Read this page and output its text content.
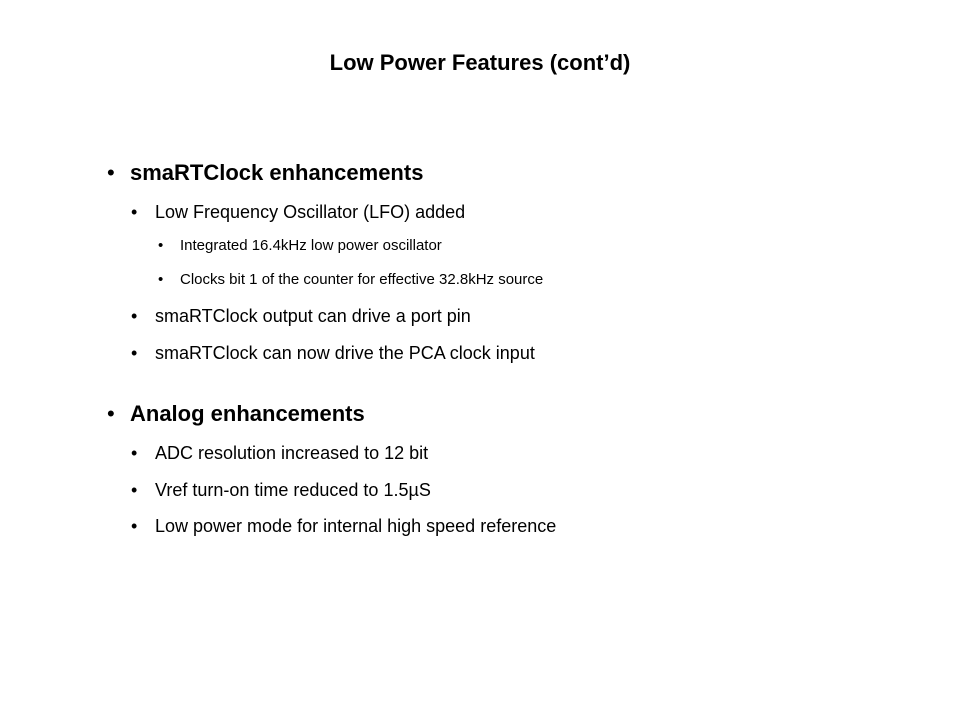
Low Power Features (cont’d)
• smaRTClock enhancements
• Low Frequency Oscillator (LFO) added
• Integrated 16.4kHz low power oscillator
• Clocks bit 1 of the counter for effective 32.8kHz source
• smaRTClock output can drive a port pin
• smaRTClock can now drive the PCA clock input
• Analog enhancements
• ADC resolution increased to 12 bit
• Vref turn-on time reduced to 1.5µS
• Low power mode for internal high speed reference
